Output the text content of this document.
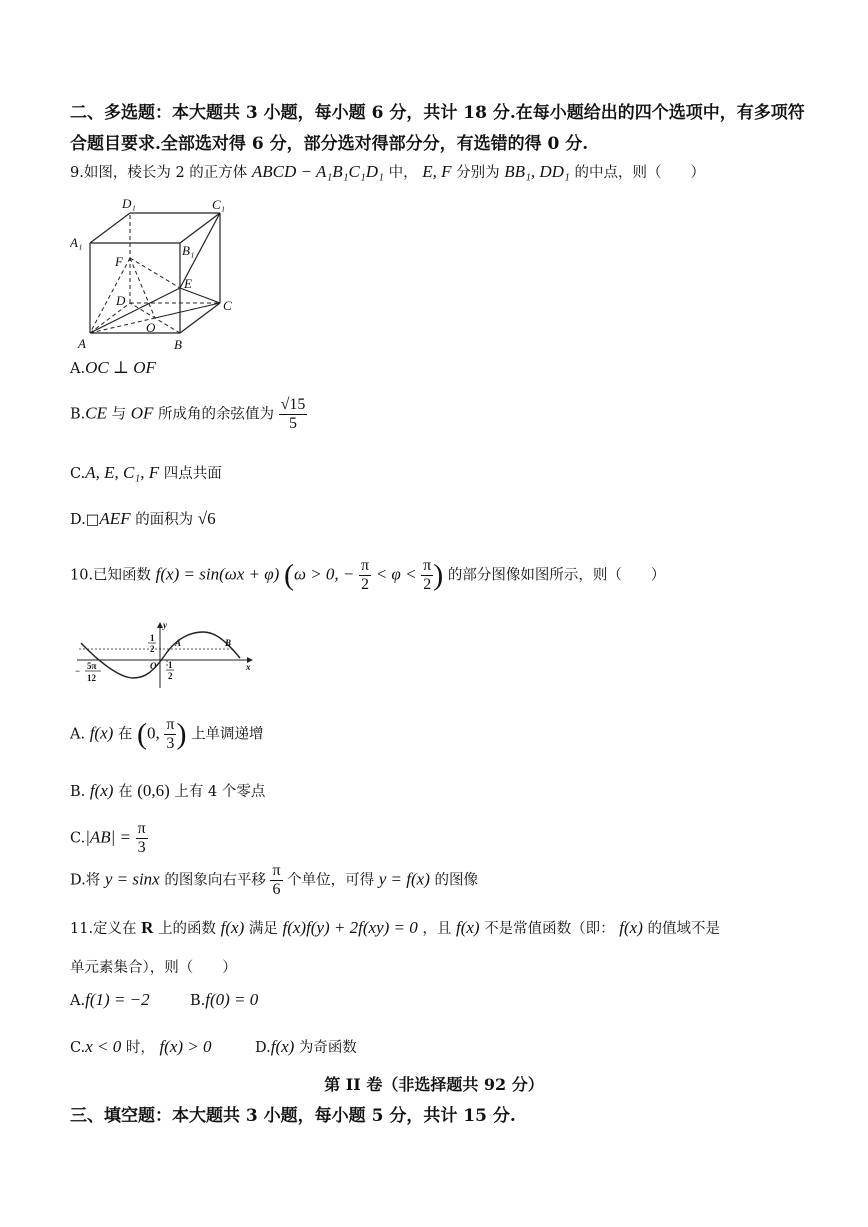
二、多选题：本大题共 3 小题，每小题 6 分，共计 18 分.在每小题给出的四个选项中，有多项符
合题目要求.全部选对得 6 分，部分选对得部分分，有选错的得 0 分.
9.如图，棱长为 2 的正方体 ABCD − A₁B₁C₁D₁ 中， E, F 分别为 BB₁, DD₁ 的中点，则（　　）
D₁	C₁
A₁
B₁
F
D
E
C
O
A	B
A.OC ⊥ OF
B.CE 与 OF 所成角的余弦值为 $\frac{√15}{5}$
C.A, E, C₁, F 四点共面
D.□AEF 的面积为 √6
10.已知函数 f(x) = sin(ωx + φ) (ω > 0, − $\frac{\pi}{2} < \varphi < \frac{\pi}{2}$ ) 的部分图像如图所示，则（　　）
y
x
O
1
2
1
2
− 5π
12
A	B
A. f(x) 在 (0, $\frac{\pi}{3}$ ) 上单调递增
B. f(x) 在 (0,6) 上有 4 个零点
$C.|AB| = \frac{\pi}{3}$
D.将 y = sinx 的图象向右平移 $\frac{\pi}{6}$ 个单位，可得 y = f(x) 的图像
11.定义在 R 上的函数 f(x) 满足 f(x)f(y) + 2f(xy) = 0 ，且 f(x) 不是常值函数（即： f(x) 的值域不是
单元素集合），则（　　）
A.f(1) = −2	B.f(0) = 0
C.x < 0 时， f(x) > 0	D.f(x) 为奇函数
第 II 卷（非选择题共 92 分）
三、填空题：本大题共 3 小题，每小题 5 分，共计 15 分.
